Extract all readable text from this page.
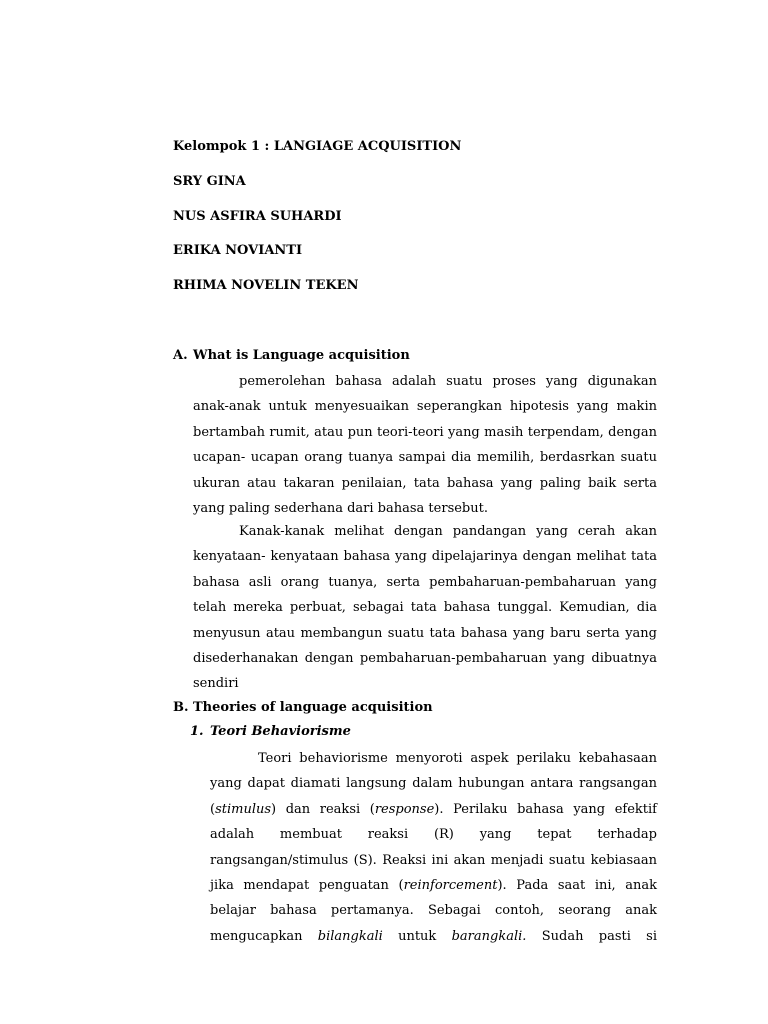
Kelompok 1 : LANGIAGE ACQUISITION

SRY GINA

NUS ASFIRA SUHARDI

ERIKA NOVIANTI

RHIMA NOVELIN TEKEN

A. What is Language acquisition

pemerolehan bahasa adalah suatu proses yang digunakan anak-anak untuk menyesuaikan seperangkan hipotesis yang makin bertambah rumit, atau pun teori-teori yang masih terpendam, dengan ucapan- ucapan orang tuanya sampai dia memilih, berdasrkan suatu ukuran atau takaran penilaian, tata bahasa yang paling baik serta yang paling sederhana dari bahasa tersebut.

Kanak-kanak melihat dengan pandangan yang cerah akan kenyataan- kenyataan bahasa yang dipelajarinya dengan melihat tata bahasa asli orang tuanya, serta pembaharuan-pembaharuan yang telah mereka perbuat, sebagai tata bahasa tunggal. Kemudian, dia menyusun atau membangun suatu tata bahasa yang baru serta yang disederhanakan dengan pembaharuan-pembaharuan yang dibuatnya sendiri

B. Theories of language acquisition

1. Teori Behaviorisme

Teori behaviorisme menyoroti aspek perilaku kebahasaan yang dapat diamati langsung dalam hubungan antara rangsangan (stimulus) dan reaksi (response). Perilaku bahasa yang efektif adalah membuat reaksi (R) yang tepat terhadap rangsangan/stimulus (S). Reaksi ini akan menjadi suatu kebiasaan jika mendapat penguatan (reinforcement). Pada saat ini, anak belajar bahasa pertamanya. Sebagai contoh, seorang anak mengucapkan bilangkali untuk barangkali. Sudah pasti si
